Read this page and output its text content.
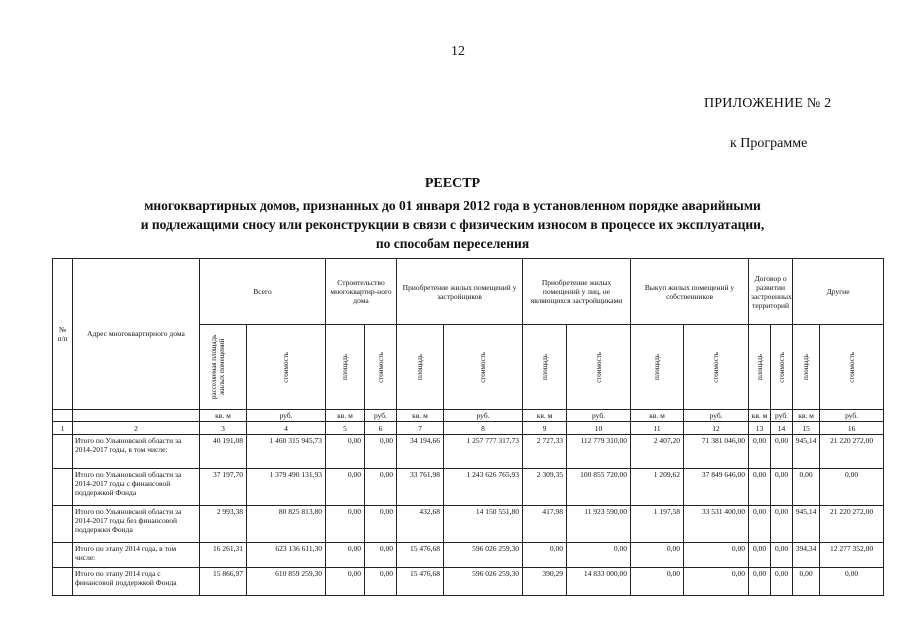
12
ПРИЛОЖЕНИЕ № 2
к Программе
РЕЕСТР
многоквартирных домов, признанных до 01 января 2012 года в установленном порядке аварийными
и подлежащими сносу или реконструкции в связи с физическим износом в процессе их эксплуатации,
по способам переселения
№ п/п	Адрес многоквартирного дома	Всего		Строительство многоквартир-ного дома		Приобретение жилых помещений у застройщиков		Приобретение жилых помещений у лиц, не являющихся застройщиками		Выкуп жилых помещений у собственников		Договор о развитии застроенных территорий		Другие	

		расселяемая площадь жилых помещений	стоимость	площадь	стоимость	площадь	стоимость	площадь	стоимость	площадь	стоимость	площадь	стоимость	площадь	стоимость

		кв. м	руб.	кв. м	руб.	кв. м	руб.	кв. м	руб.	кв. м	руб.	кв. м	руб.	кв. м	руб.
1	2	3	4	5	6	7	8	9	10	11	12	13	14	15	16
	Итого по Ульяновской области за 2014-2017 годы, в том числе:	40 191,08	1 460 315 945,73	0,00	0,00	34 194,66	1 257 777 317,73	2 727,33	112 779 310,00	2 407,20	71 381 046,00	0,00	0,00	945,14	21 220 272,00
	Итого по Ульяновской области за 2014-2017 годы с финансовой поддержкой Фонда	37 197,70	1 379 490 131,93	0,00	0,00	33 761,98	1 243 626 765,93	2 309,35	100 855 720,00	1 209,62	37 849 646,00	0,00	0,00	0,00	0,00
	Итого по Ульяновской области за 2014-2017 годы без финансовой поддержки Фонда	2 993,38	80 825 813,80	0,00	0,00	432,68	14 150 551,80	417,98	11 923 590,00	1 197,58	33 531 400,00	0,00	0,00	945,14	21 220 272,00
	Итого по этапу 2014 года, в том числе:	16 261,31	623 136 611,30	0,00	0,00	15 476,68	596 026 259,30	0,00	0,00	0,00	0,00	0,00	0,00	394,34	12 277 352,00
	Итого по этапу 2014 года с финансовой поддержкой Фонда	15 866,97	610 859 259,30	0,00	0,00	15 476,68	596 026 259,30	390,29	14 833 000,00	0,00	0,00	0,00	0,00	0,00	0,00
